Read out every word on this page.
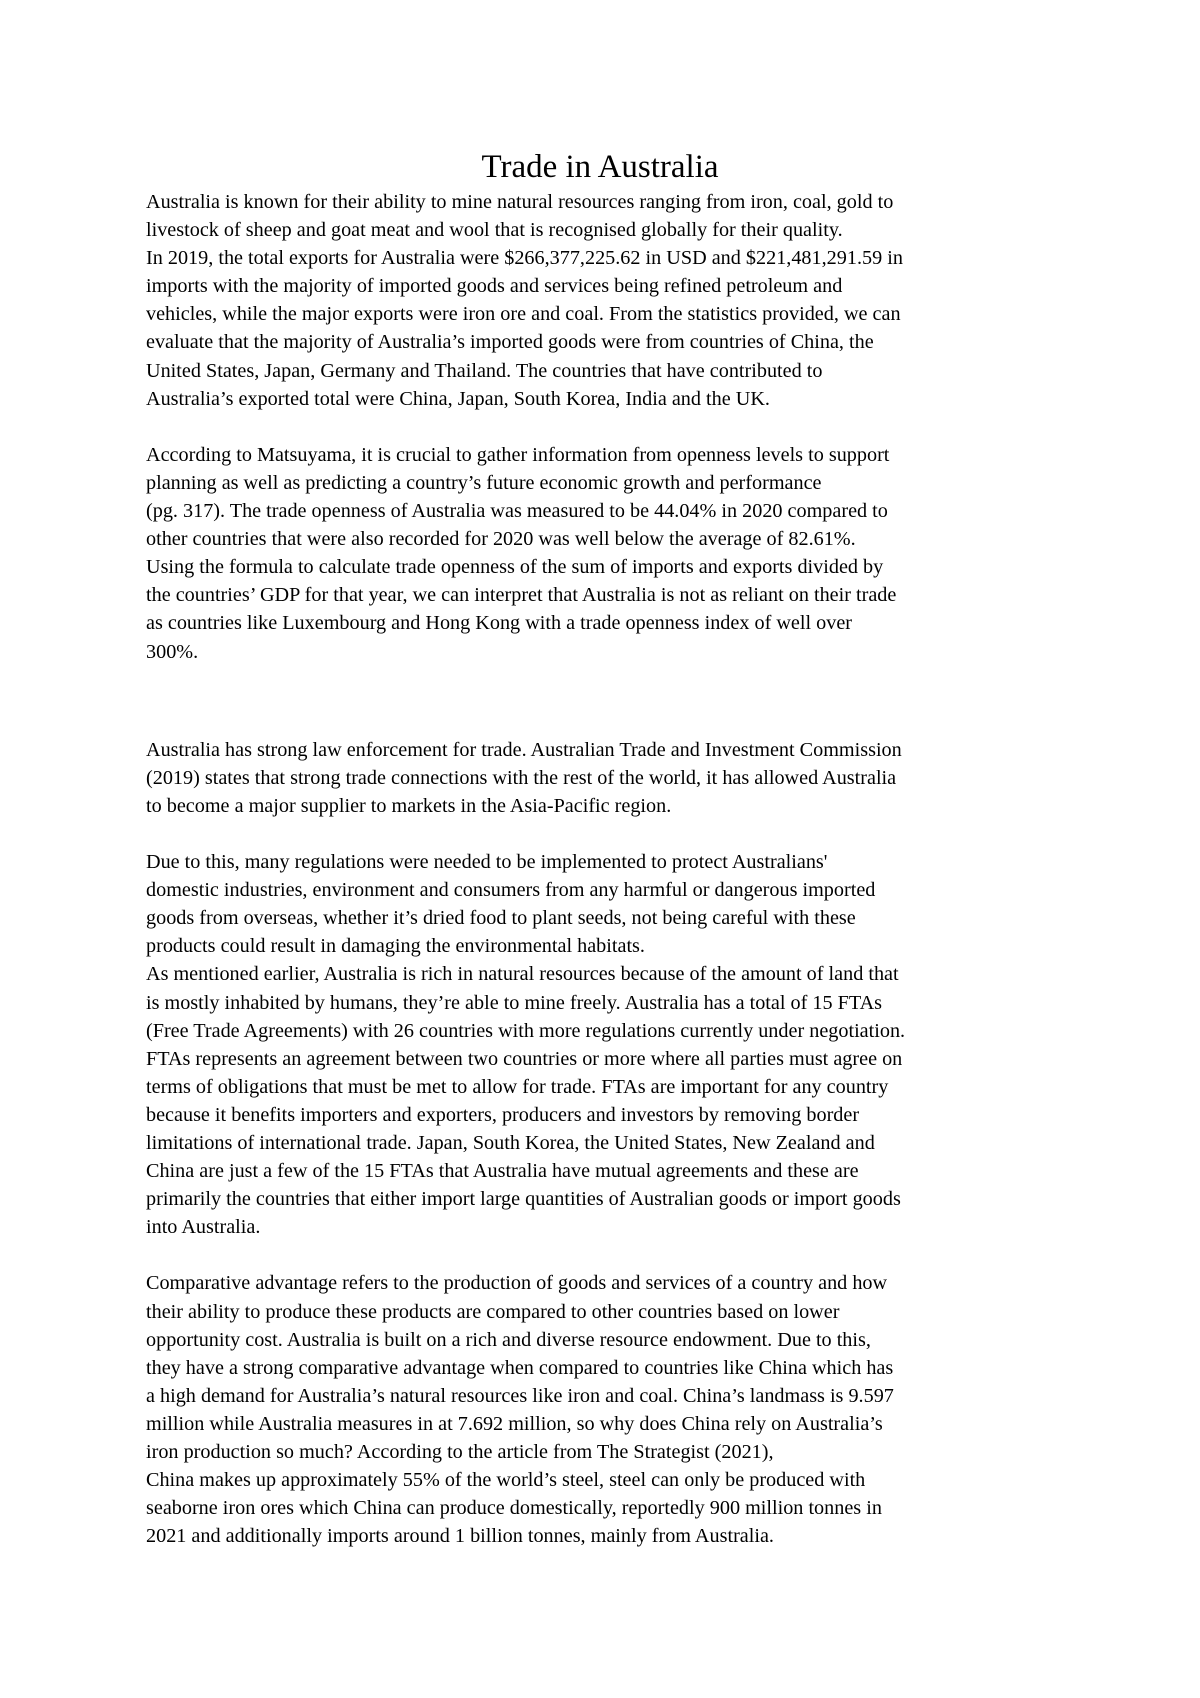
Trade in Australia
Australia is known for their ability to mine natural resources ranging from iron, coal, gold to
livestock of sheep and goat meat and wool that is recognised globally for their quality.
In 2019, the total exports for Australia were $266,377,225.62 in USD and $221,481,291.59 in
imports with the majority of imported goods and services being refined petroleum and
vehicles, while the major exports were iron ore and coal. From the statistics provided, we can
evaluate that the majority of Australia’s imported goods were from countries of China, the
United States, Japan, Germany and Thailand. The countries that have contributed to
Australia’s exported total were China, Japan, South Korea, India and the UK.
According to Matsuyama, it is crucial to gather information from openness levels to support
planning as well as predicting a country’s future economic growth and performance
(pg. 317). The trade openness of Australia was measured to be 44.04% in 2020 compared to
other countries that were also recorded for 2020 was well below the average of 82.61%.
Using the formula to calculate trade openness of the sum of imports and exports divided by
the countries’ GDP for that year, we can interpret that Australia is not as reliant on their trade
as countries like Luxembourg and Hong Kong with a trade openness index of well over
300%.
Australia has strong law enforcement for trade. Australian Trade and Investment Commission
(2019) states that strong trade connections with the rest of the world, it has allowed Australia
to become a major supplier to markets in the Asia-Pacific region.
Due to this, many regulations were needed to be implemented to protect Australians'
domestic industries, environment and consumers from any harmful or dangerous imported
goods from overseas, whether it’s dried food to plant seeds, not being careful with these
products could result in damaging the environmental habitats.
As mentioned earlier, Australia is rich in natural resources because of the amount of land that
is mostly inhabited by humans, they’re able to mine freely. Australia has a total of 15 FTAs
(Free Trade Agreements) with 26 countries with more regulations currently under negotiation.
FTAs represents an agreement between two countries or more where all parties must agree on
terms of obligations that must be met to allow for trade. FTAs are important for any country
because it benefits importers and exporters, producers and investors by removing border
limitations of international trade. Japan, South Korea, the United States, New Zealand and
China are just a few of the 15 FTAs that Australia have mutual agreements and these are
primarily the countries that either import large quantities of Australian goods or import goods
into Australia.
Comparative advantage refers to the production of goods and services of a country and how
their ability to produce these products are compared to other countries based on lower
opportunity cost. Australia is built on a rich and diverse resource endowment. Due to this,
they have a strong comparative advantage when compared to countries like China which has
a high demand for Australia’s natural resources like iron and coal. China’s landmass is 9.597
million while Australia measures in at 7.692 million, so why does China rely on Australia’s
iron production so much? According to the article from The Strategist (2021),
China makes up approximately 55% of the world’s steel, steel can only be produced with
seaborne iron ores which China can produce domestically, reportedly 900 million tonnes in
2021 and additionally imports around 1 billion tonnes, mainly from Australia.
